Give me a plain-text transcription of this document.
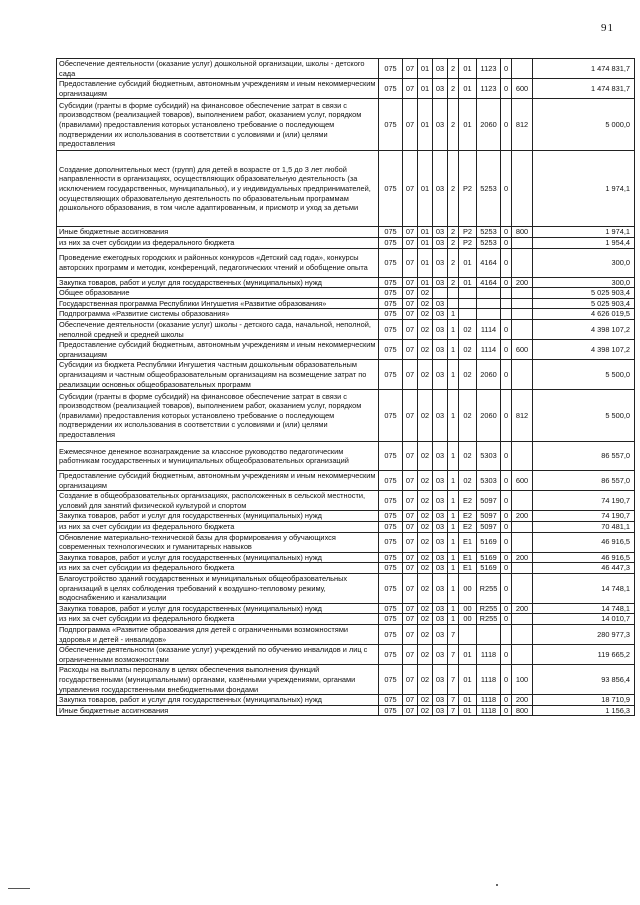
91
Обеспечение деятельности (оказание услуг) дошкольной организации, школы - детского сада	075	07	01	03	2	01	1123	0		1 474 831,7
Предоставление субсидий бюджетным, автономным учреждениям и иным некоммерческим организациям	075	07	01	03	2	01	1123	0	600	1 474 831,7
Субсидии (гранты в форме субсидий) на финансовое обеспечение затрат в связи с производством (реализацией товаров), выполнением работ, оказанием услуг, порядком (правилами) предоставления которых установлено требование о последующем подтверждении их использования в соответствии с условиями и (или) целями предоставления	075	07	01	03	2	01	2060	0	812	5 000,0
Создание дополнительных мест (групп) для детей в возрасте от 1,5 до 3 лет любой направленности в организациях, осуществляющих образовательную деятельность (за исключением государственных, муниципальных), и у индивидуальных предпринимателей, осуществляющих образовательную деятельность по образовательным программам дошкольного образования, в том числе адаптированным, и присмотр и уход за детьми	075	07	01	03	2	P2	5253	0		1 974,1
Иные бюджетные ассигнования	075	07	01	03	2	P2	5253	0	800	1 974,1
из них за счет субсидии из федерального бюджета	075	07	01	03	2	P2	5253	0		1 954,4
Проведение ежегодных городских и районных конкурсов «Детский сад года», конкурсы авторских программ и методик, конференций, педагогических чтений и обобщение опыта	075	07	01	03	2	01	4164	0		300,0
Закупка товаров, работ и услуг для государственных (муниципальных) нужд	075	07	01	03	2	01	4164	0	200	300,0
Общее образование	075	07	02							5 025 903,4
Государственная программа Республики Ингушетия «Развитие образования»	075	07	02	03						5 025 903,4
Подпрограмма «Развитие системы образования»	075	07	02	03	1					4 626 019,5
Обеспечение деятельности (оказание услуг) школы - детского сада, начальной, неполной, неполной средней и средней школы	075	07	02	03	1	02	1114	0		4 398 107,2
Предоставление субсидий бюджетным, автономным учреждениям и иным некоммерческим организациям	075	07	02	03	1	02	1114	0	600	4 398 107,2
Субсидии из бюджета Республики Ингушетия частным дошкольным образовательным организациям и частным общеобразовательным организациям на возмещение затрат по реализации основных общеобразовательных программ	075	07	02	03	1	02	2060	0		5 500,0
Субсидии (гранты в форме субсидий) на финансовое обеспечение затрат в связи с производством (реализацией товаров), выполнением работ, оказанием услуг, порядком (правилами) предоставления которых установлено требование о последующем подтверждении их использования в соответствии с условиями и (или) целями предоставления	075	07	02	03	1	02	2060	0	812	5 500,0
Ежемесячное денежное вознаграждение за классное руководство педагогическим работникам государственных и муниципальных общеобразовательных организаций	075	07	02	03	1	02	5303	0		86 557,0
Предоставление субсидий бюджетным, автономным учреждениям и иным некоммерческим организациям	075	07	02	03	1	02	5303	0	600	86 557,0
Создание в общеобразовательных организациях, расположенных в сельской местности, условий для занятий физической культурой и спортом	075	07	02	03	1	E2	5097	0		74 190,7
Закупка товаров, работ и услуг для государственных (муниципальных) нужд	075	07	02	03	1	E2	5097	0	200	74 190,7
из них за счет субсидии из федерального бюджета	075	07	02	03	1	E2	5097	0		70 481,1
Обновление материально-технической базы для формирования у обучающихся современных технологических и гуманитарных навыков	075	07	02	03	1	E1	5169	0		46 916,5
Закупка товаров, работ и услуг для государственных (муниципальных) нужд	075	07	02	03	1	E1	5169	0	200	46 916,5
из них за счет субсидии из федерального бюджета	075	07	02	03	1	E1	5169	0		46 447,3
Благоустройство зданий государственных и муниципальных общеобразовательных организаций в целях соблюдения требований к воздушно-тепловому режиму, водоснабжению и канализации	075	07	02	03	1	00	R255	0		14 748,1
Закупка товаров, работ и услуг для государственных (муниципальных) нужд	075	07	02	03	1	00	R255	0	200	14 748,1
из них за счет субсидии из федерального бюджета	075	07	02	03	1	00	R255	0		14 010,7
Подпрограмма «Развитие образования для детей с ограниченными возможностями здоровья и детей - инвалидов»	075	07	02	03	7					280 977,3
Обеспечение деятельности (оказание услуг) учреждений по обучению инвалидов и лиц с ограниченными возможностями	075	07	02	03	7	01	1118	0		119 665,2
Расходы на выплаты персоналу в целях обеспечения выполнения функций государственными (муниципальными) органами, казёнными учреждениями, органами управления государственными внебюджетными фондами	075	07	02	03	7	01	1118	0	100	93 856,4
Закупка товаров, работ и услуг для государственных (муниципальных) нужд	075	07	02	03	7	01	1118	0	200	18 710,9
Иные бюджетные ассигнования	075	07	02	03	7	01	1118	0	800	1 156,3
